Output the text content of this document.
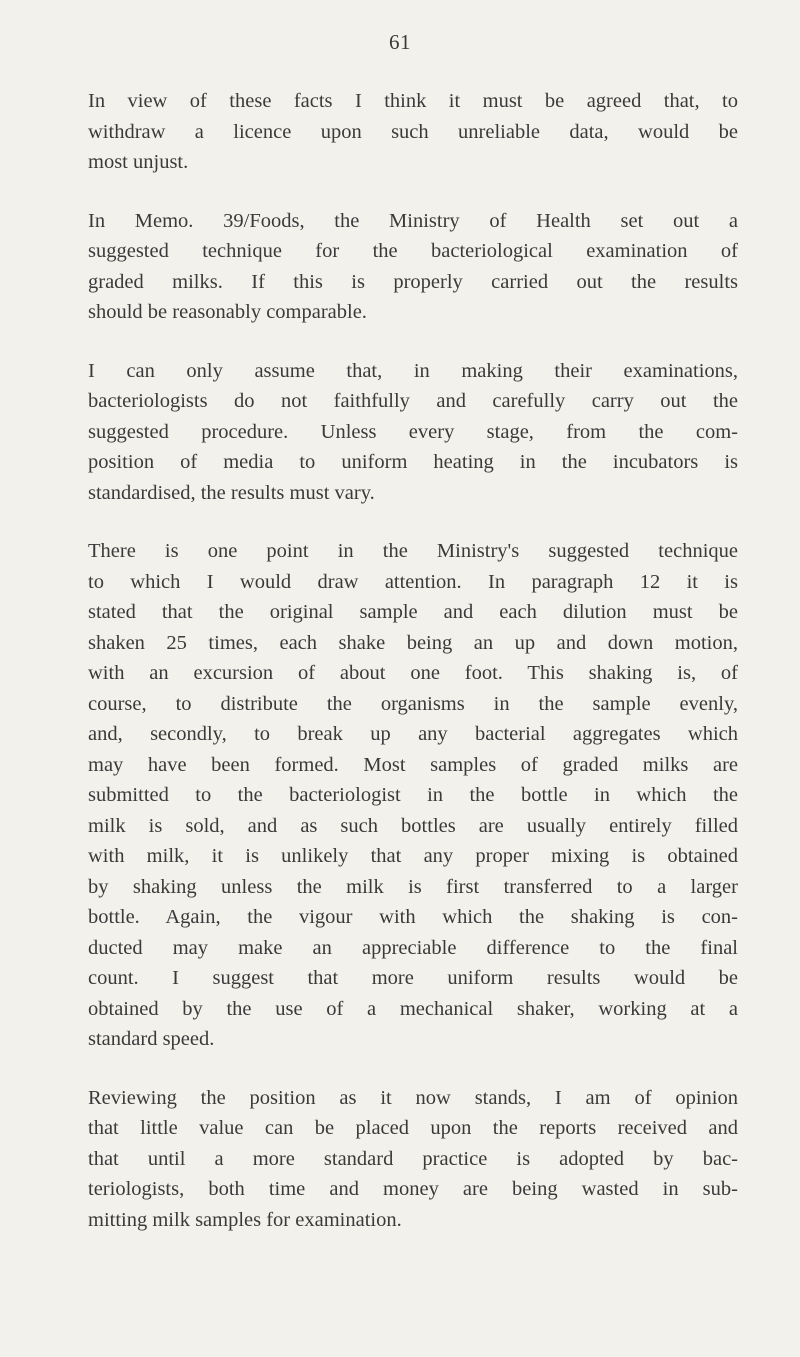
61

In view of these facts I think it must be agreed that, to
withdraw a licence upon such unreliable data, would be
most unjust.

In Memo. 39/Foods, the Ministry of Health set out a
suggested technique for the bacteriological examination of
graded milks. If this is properly carried out the results
should be reasonably comparable.

I can only assume that, in making their examinations,
bacteriologists do not faithfully and carefully carry out the
suggested procedure. Unless every stage, from the com-
position of media to uniform heating in the incubators is
standardised, the results must vary.

There is one point in the Ministry's suggested technique
to which I would draw attention. In paragraph 12 it is
stated that the original sample and each dilution must be
shaken 25 times, each shake being an up and down motion,
with an excursion of about one foot. This shaking is, of
course, to distribute the organisms in the sample evenly,
and, secondly, to break up any bacterial aggregates which
may have been formed. Most samples of graded milks are
submitted to the bacteriologist in the bottle in which the
milk is sold, and as such bottles are usually entirely filled
with milk, it is unlikely that any proper mixing is obtained
by shaking unless the milk is first transferred to a larger
bottle. Again, the vigour with which the shaking is con-
ducted may make an appreciable difference to the final
count. I suggest that more uniform results would be
obtained by the use of a mechanical shaker, working at a
standard speed.

Reviewing the position as it now stands, I am of opinion
that little value can be placed upon the reports received and
that until a more standard practice is adopted by bac-
teriologists, both time and money are being wasted in sub-
mitting milk samples for examination.
